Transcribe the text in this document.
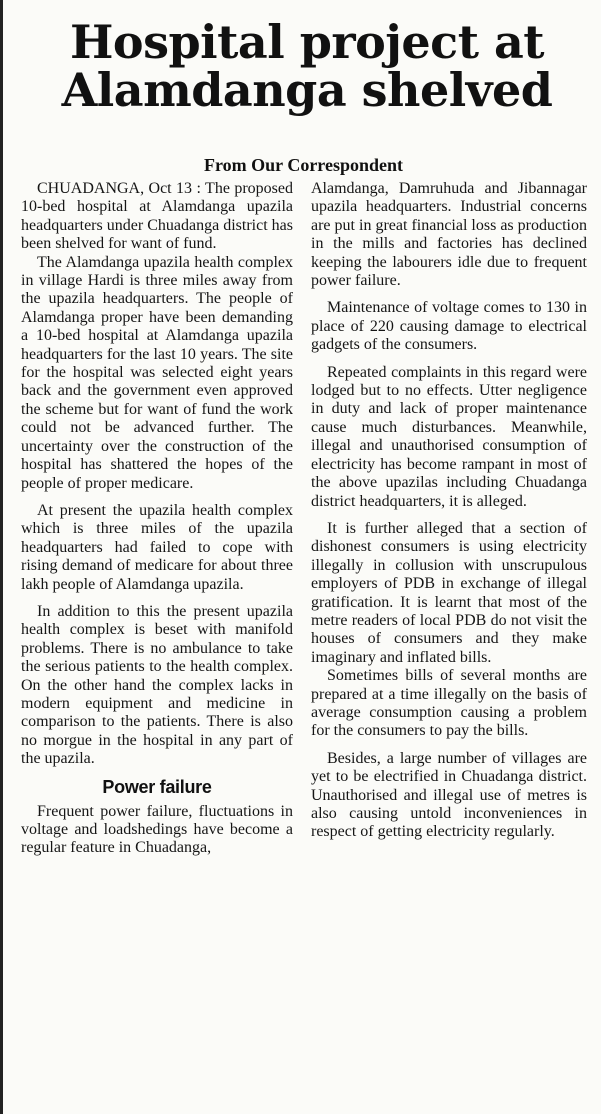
Hospital project at Alamdanga shelved
From Our Correspondent

CHUADANGA, Oct 13 : The proposed 10-bed hospital at Alamdanga upazila headquarters under Chuadanga district has been shelved for want of fund.

The Alamdanga upazila health complex in village Hardi is three miles away from the upazila headquarters. The people of Alamdanga proper have been demanding a 10-bed hospital at Alamdanga upazila headquarters for the last 10 years. The site for the hospital was selected eight years back and the government even approved the scheme but for want of fund the work could not be advanced further. The uncertainty over the construction of the hospital has shattered the hopes of the people of proper medicare.

At present the upazila health complex which is three miles of the upazila headquarters had failed to cope with rising demand of medicare for about three lakh people of Alamdanga upazila.

In addition to this the present upazila health complex is beset with manifold problems. There is no ambulance to take the serious patients to the health complex. On the other hand the complex lacks in modern equipment and medicine in comparison to the patients. There is also no morgue in the hospital in any part of the upazila.

Power failure

Frequent power failure, fluctuations in voltage and loadshedings have become a regular feature in Chuadanga,

Alamdanga, Damruhuda and Jibannagar upazila headquarters. Industrial concerns are put in great financial loss as production in the mills and factories has declined keeping the labourers idle due to frequent power failure.

Maintenance of voltage comes to 130 in place of 220 causing damage to electrical gadgets of the consumers.

Repeated complaints in this regard were lodged but to no effects. Utter negligence in duty and lack of proper maintenance cause much disturbances. Meanwhile, illegal and unauthorised consumption of electricity has become rampant in most of the above upazilas including Chuadanga district headquarters, it is alleged.

It is further alleged that a section of dishonest consumers is using electricity illegally in collusion with unscrupulous employers of PDB in exchange of illegal gratification. It is learnt that most of the metre readers of local PDB do not visit the houses of consumers and they make imaginary and inflated bills.

Sometimes bills of several months are prepared at a time illegally on the basis of average consumption causing a problem for the consumers to pay the bills.

Besides, a large number of villages are yet to be electrified in Chuadanga district. Unauthorised and illegal use of metres is also causing untold inconveniences in respect of getting electricity regularly.
